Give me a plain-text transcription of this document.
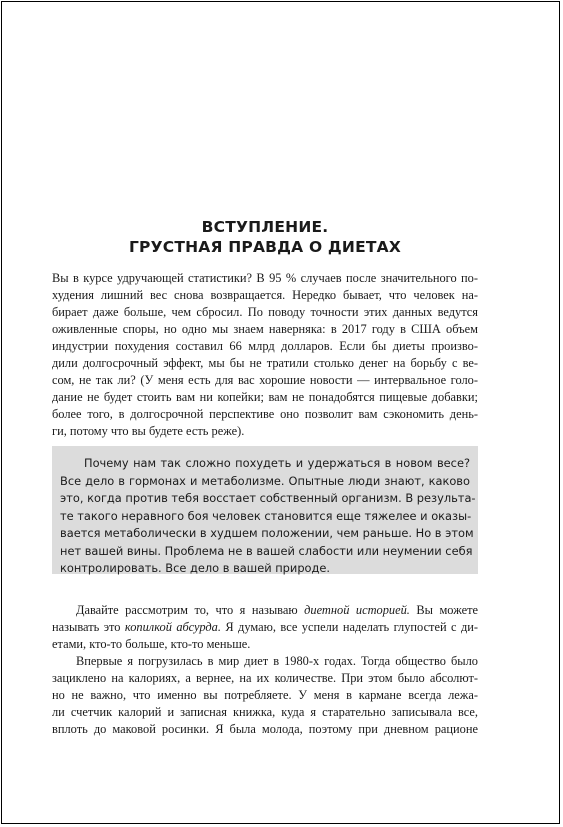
ВСТУПЛЕНИЕ.
ГРУСТНАЯ ПРАВДА О ДИЕТАХ
Вы в курсе удручающей статистики? В 95 % случаев после значительного по-
худения лишний вес снова возвращается. Нередко бывает, что человек на-
бирает даже больше, чем сбросил. По поводу точности этих данных ведутся
оживленные споры, но одно мы знаем наверняка: в 2017 году в США объем
индустрии похудения составил 66 млрд долларов. Если бы диеты произво-
дили долгосрочный эффект, мы бы не тратили столько денег на борьбу с ве-
сом, не так ли? (У меня есть для вас хорошие новости — интервальное голо-
дание не будет стоить вам ни копейки; вам не понадобятся пищевые добавки;
более того, в долгосрочной перспективе оно позволит вам сэкономить день-
ги, потому что вы будете есть реже).
Почему нам так сложно похудеть и удержаться в новом весе?
Все дело в гормонах и метаболизме. Опытные люди знают, каково
это, когда против тебя восстает собственный организм. В результа-
те такого неравного боя человек становится еще тяжелее и оказы-
вается метаболически в худшем положении, чем раньше. Но в этом
нет вашей вины. Проблема не в вашей слабости или неумении себя
контролировать. Все дело в вашей природе.
Давайте рассмотрим то, что я называю диетной историей. Вы можете
называть это копилкой абсурда. Я думаю, все успели наделать глупостей с ди-
етами, кто-то больше, кто-то меньше.
Впервые я погрузилась в мир диет в 1980-х годах. Тогда общество было
зациклено на калориях, а вернее, на их количестве. При этом было абсолют-
но не важно, что именно вы потребляете. У меня в кармане всегда лежа-
ли счетчик калорий и записная книжка, куда я старательно записывала все,
вплоть до маковой росинки. Я была молода, поэтому при дневном рационе
